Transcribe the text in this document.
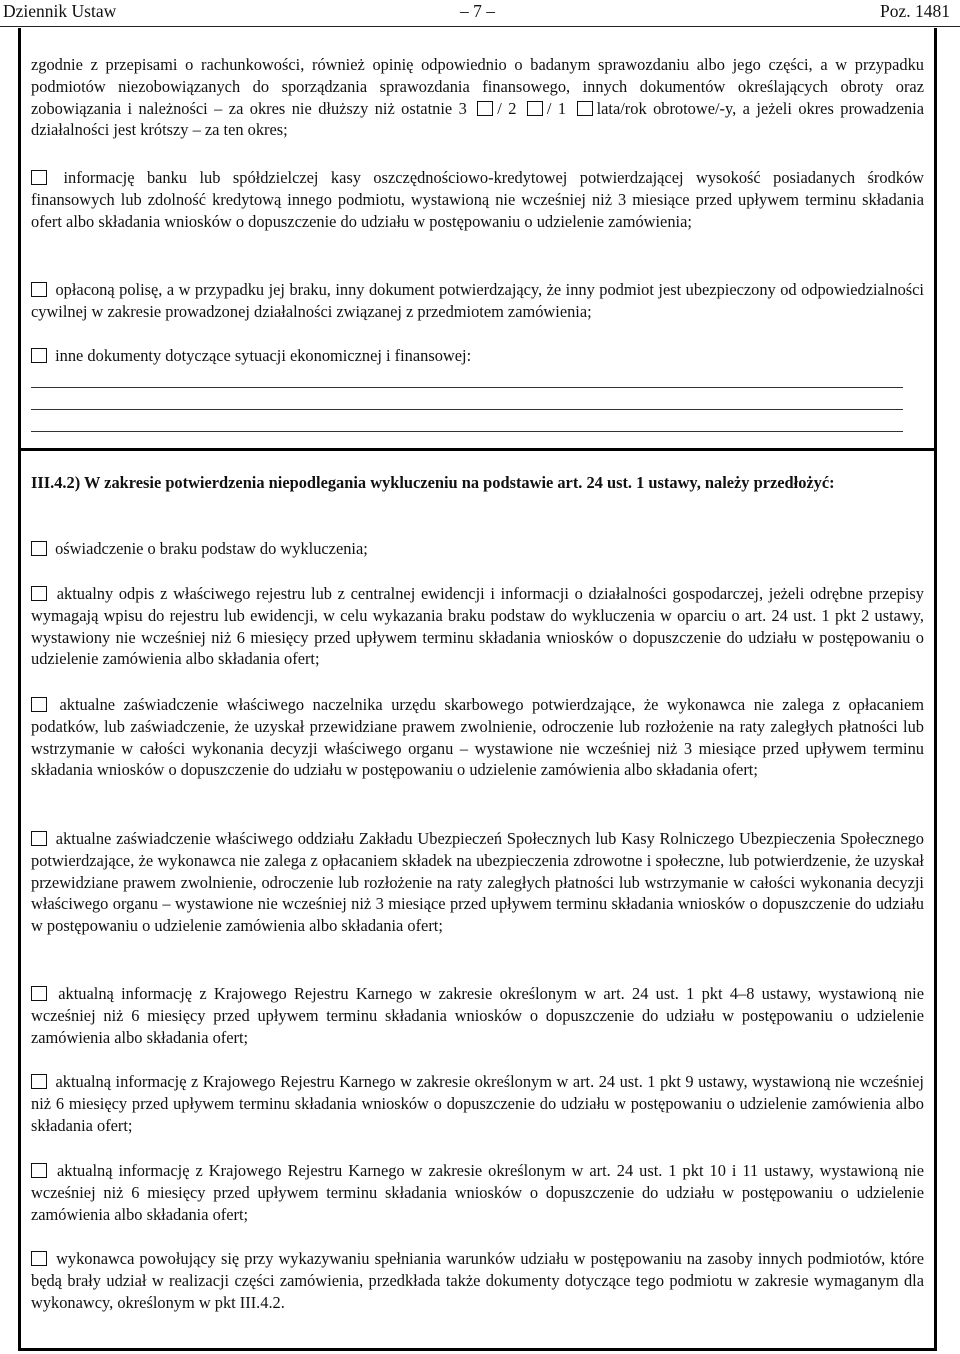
Dziennik Ustaw	– 7 –	Poz. 1481

zgodnie z przepisami o rachunkowości, również opinię odpowiednio o badanym sprawozdaniu albo jego części, a w przypadku podmiotów niezobowiązanych do sporządzania sprawozdania finansowego, innych dokumentów określających obroty oraz zobowiązania i należności – za okres nie dłuższy niż ostatnie 3 / 2 / 1 lata/rok obrotowe/-y, a jeżeli okres prowadzenia działalności jest krótszy – za ten okres;

informację banku lub spółdzielczej kasy oszczędnościowo-kredytowej potwierdzającej wysokość posiadanych środków finansowych lub zdolność kredytową innego podmiotu, wystawioną nie wcześniej niż 3 miesiące przed upływem terminu składania ofert albo składania wniosków o dopuszczenie do udziału w postępowaniu o udzielenie zamówienia;

opłaconą polisę, a w przypadku jej braku, inny dokument potwierdzający, że inny podmiot jest ubezpieczony od odpowiedzialności cywilnej w zakresie prowadzonej działalności związanej z przedmiotem zamówienia;

inne dokumenty dotyczące sytuacji ekonomicznej i finansowej:

III.4.2) W zakresie potwierdzenia niepodlegania wykluczeniu na podstawie art. 24 ust. 1 ustawy, należy przedłożyć:

oświadczenie o braku podstaw do wykluczenia;

aktualny odpis z właściwego rejestru lub z centralnej ewidencji i informacji o działalności gospodarczej, jeżeli odrębne przepisy wymagają wpisu do rejestru lub ewidencji, w celu wykazania braku podstaw do wykluczenia w oparciu o art. 24 ust. 1 pkt 2 ustawy, wystawiony nie wcześniej niż 6 miesięcy przed upływem terminu składania wniosków o dopuszczenie do udziału w postępowaniu o udzielenie zamówienia albo składania ofert;

aktualne zaświadczenie właściwego naczelnika urzędu skarbowego potwierdzające, że wykonawca nie zalega z opłacaniem podatków, lub zaświadczenie, że uzyskał przewidziane prawem zwolnienie, odroczenie lub rozłożenie na raty zaległych płatności lub wstrzymanie w całości wykonania decyzji właściwego organu – wystawione nie wcześniej niż 3 miesiące przed upływem terminu składania wniosków o dopuszczenie do udziału w postępowaniu o udzielenie zamówienia albo składania ofert;

aktualne zaświadczenie właściwego oddziału Zakładu Ubezpieczeń Społecznych lub Kasy Rolniczego Ubezpieczenia Społecznego potwierdzające, że wykonawca nie zalega z opłacaniem składek na ubezpieczenia zdrowotne i społeczne, lub potwierdzenie, że uzyskał przewidziane prawem zwolnienie, odroczenie lub rozłożenie na raty zaległych płatności lub wstrzymanie w całości wykonania decyzji właściwego organu – wystawione nie wcześniej niż 3 miesiące przed upływem terminu składania wniosków o dopuszczenie do udziału w postępowaniu o udzielenie zamówienia albo składania ofert;

aktualną informację z Krajowego Rejestru Karnego w zakresie określonym w art. 24 ust. 1 pkt 4–8 ustawy, wystawioną nie wcześniej niż 6 miesięcy przed upływem terminu składania wniosków o dopuszczenie do udziału w postępowaniu o udzielenie zamówienia albo składania ofert;

aktualną informację z Krajowego Rejestru Karnego w zakresie określonym w art. 24 ust. 1 pkt 9 ustawy, wystawioną nie wcześniej niż 6 miesięcy przed upływem terminu składania wniosków o dopuszczenie do udziału w postępowaniu o udzielenie zamówienia albo składania ofert;

aktualną informację z Krajowego Rejestru Karnego w zakresie określonym w art. 24 ust. 1 pkt 10 i 11 ustawy, wystawioną nie wcześniej niż 6 miesięcy przed upływem terminu składania wniosków o dopuszczenie do udziału w postępowaniu o udzielenie zamówienia albo składania ofert;

wykonawca powołujący się przy wykazywaniu spełniania warunków udziału w postępowaniu na zasoby innych podmiotów, które będą brały udział w realizacji części zamówienia, przedkłada także dokumenty dotyczące tego podmiotu w zakresie wymaganym dla wykonawcy, określonym w pkt III.4.2.
